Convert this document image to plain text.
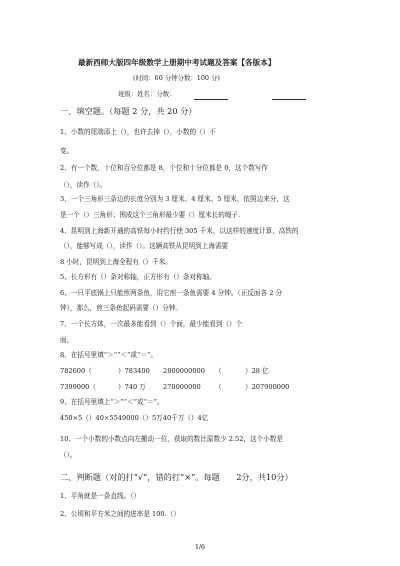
最新西师大版四年级数学上册期中考试题及答案【各版本】
(时间：60 分钟分数：100 分)
班级：姓名：分数：
一、填空题。（每题 2 分，共 20 分）
1、小数的尾端添上（），也许去掉（），小数的（）不
变。
2、有一个数，十位和百分位都是 8，个位和十分位都是 0，这个数写作
（），读作（）。
3、一个三角形三条边的长度分别为 3 厘米、4 厘米、5 厘米，依照边来分，这
是一个（）三角形；围成这个三角形最少要（）厘米长的绳子.
4、昆明到上海新开通的高铁每小时约行使 305 千米，以这样的速度计算，高铁的
（），能够写成（），读作（）。这辆高铁从昆明到上海需要
8 小时，昆明到上海全程有（）千米。
5、长方形有（）条对称轴，正方形有（）条对称轴。
6、一只平底锅上只能煎两条鱼，用它煎一条鱼需要 4 分钟。（正反面各 2 分
钟），那么，煎三条鱼起码需要（）分钟。
7、一个长方体，一次最多能看到（）个面，最少能看到（）个
面。
8、在括号里填“＞”“＜”或“＝”。
782600（	）783400 2800000000 （	）28 亿
7399000（	）740 万	270000000 （	）207900000
9、在括号里填上“＞”“＜”或“＝”。
450×5（）40×5549000（）5万40千万（）4亿
10、一个小数的小数点向左搬动一位，获取的数比原数少 2.52，这个小数是
（）。
二、判断题（对的打“√”，错的打“×”。每题　　2分，共10分）
1、平角就是一条直线。（）
2、公顷和平方米之间的进率是 100.（）
1/6
